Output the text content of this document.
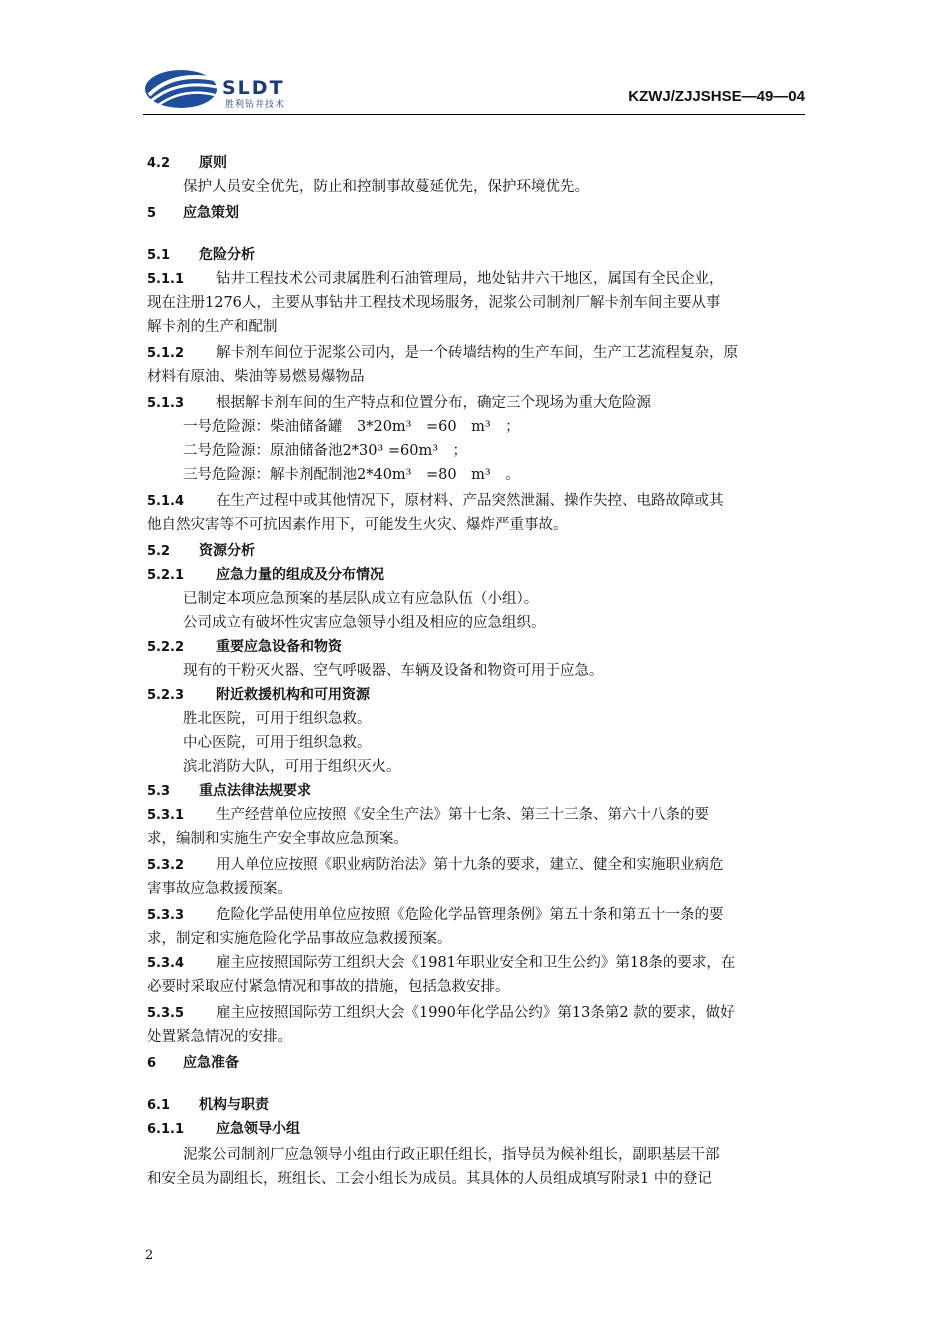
SLDT
胜利钻井技术	KZWJ/ZJJSHSE—49—04
4.2 原则
保护人员安全优先，防止和控制事故蔓延优先，保护环境优先。
5 应急策划
5.1 危险分析
5.1.1 钻井工程技术公司隶属胜利石油管理局，地处钻井六干地区，属国有全民企业，
现在注册1276人，主要从事钻井工程技术现场服务，泥浆公司制剂厂解卡剂车间主要从事
解卡剂的生产和配制
5.1.2 解卡剂车间位于泥浆公司内，是一个砖墙结构的生产车间，生产工艺流程复杂，原
材料有原油、柴油等易燃易爆物品
5.1.3 根据解卡剂车间的生产特点和位置分布，确定三个现场为重大危险源
一号危险源：柴油储备罐　3*20m³　=60　m³　；
二号危险源：原油储备池2*30³ =60m³　；
三号危险源：解卡剂配制池2*40m³　=80　m³　。
5.1.4 在生产过程中或其他情况下，原材料、产品突然泄漏、操作失控、电路故障或其
他自然灾害等不可抗因素作用下，可能发生火灾、爆炸严重事故。
5.2 资源分析
5.2.1 应急力量的组成及分布情况
已制定本项应急预案的基层队成立有应急队伍（小组）。
公司成立有破坏性灾害应急领导小组及相应的应急组织。
5.2.2 重要应急设备和物资
现有的干粉灭火器、空气呼吸器、车辆及设备和物资可用于应急。
5.2.3 附近救援机构和可用资源
胜北医院，可用于组织急救。
中心医院，可用于组织急救。
滨北消防大队，可用于组织灭火。
5.3 重点法律法规要求
5.3.1 生产经营单位应按照《安全生产法》第十七条、第三十三条、第六十八条的要
求，编制和实施生产安全事故应急预案。
5.3.2 用人单位应按照《职业病防治法》第十九条的要求，建立、健全和实施职业病危
害事故应急救援预案。
5.3.3 危险化学品使用单位应按照《危险化学品管理条例》第五十条和第五十一条的要
求，制定和实施危险化学品事故应急救援预案。
5.3.4 雇主应按照国际劳工组织大会《1981年职业安全和卫生公约》第18条的要求，在
必要时采取应付紧急情况和事故的措施，包括急救安排。
5.3.5 雇主应按照国际劳工组织大会《1990年化学品公约》第13条第2 款的要求，做好
处置紧急情况的安排。
6 应急准备
6.1 机构与职责
6.1.1 应急领导小组
泥浆公司制剂厂应急领导小组由行政正职任组长，指导员为候补组长，副职基层干部
和安全员为副组长，班组长、工会小组长为成员。其具体的人员组成填写附录1 中的登记
2
